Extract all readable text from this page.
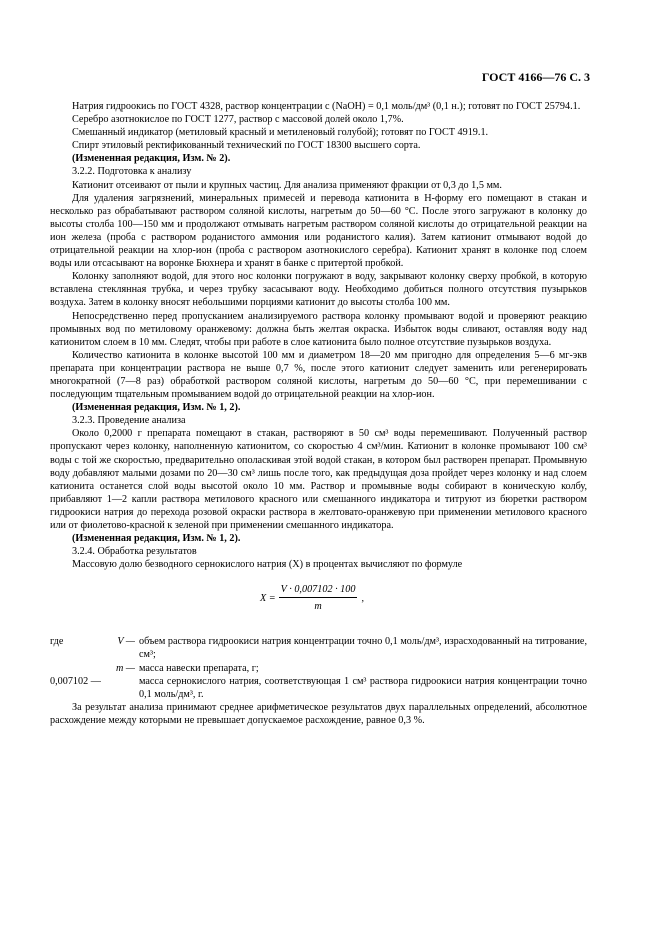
ГОСТ 4166—76 С. 3

Натрия гидроокись по ГОСТ 4328, раствор концентрации c (NaOH) = 0,1 моль/дм³ (0,1 н.); готовят по ГОСТ 25794.1.

Серебро азотнокислое по ГОСТ 1277, раствор с массовой долей около 1,7%.

Смешанный индикатор (метиловый красный и метиленовый голубой); готовят по ГОСТ 4919.1.

Спирт этиловый ректификованный технический по ГОСТ 18300 высшего сорта.

(Измененная редакция, Изм. № 2).

3.2.2. Подготовка к анализу

Катионит отсеивают от пыли и крупных частиц. Для анализа применяют фракции от 0,3 до 1,5 мм.

Для удаления загрязнений, минеральных примесей и перевода катионита в Н-форму его помещают в стакан и несколько раз обрабатывают раствором соляной кислоты, нагретым до 50—60 °С. После этого загружают в колонку до высоты столба 100—150 мм и продолжают отмывать нагретым раствором соляной кислоты до отрицательной реакции на ион железа (проба с раствором роданистого аммония или роданистого калия). Затем катионит отмывают водой до отрицательной реакции на хлор-ион (проба с раствором азотнокислого серебра). Катионит хранят в колонке под слоем воды или отсасывают на воронке Бюхнера и хранят в банке с притертой пробкой.

Колонку заполняют водой, для этого нос колонки погружают в воду, закрывают колонку сверху пробкой, в которую вставлена стеклянная трубка, и через трубку засасывают воду. Необходимо добиться полного отсутствия пузырьков воздуха. Затем в колонку вносят небольшими порциями катионит до высоты столба 100 мм.

Непосредственно перед пропусканием анализируемого раствора колонку промывают водой и проверяют реакцию промывных вод по метиловому оранжевому: должна быть желтая окраска. Избыток воды сливают, оставляя воду над катионитом слоем в 10 мм. Следят, чтобы при работе в слое катионита было полное отсутствие пузырьков воздуха.

Количество катионита в колонке высотой 100 мм и диаметром 18—20 мм пригодно для определения 5—6 мг-экв препарата при концентрации раствора не выше 0,7 %, после этого катионит следует заменить или регенерировать многократной (7—8 раз) обработкой раствором соляной кислоты, нагретым до 50—60 °С, при перемешивании с последующим тщательным промыванием водой до отрицательной реакции на хлор-ион.

(Измененная редакция, Изм. № 1, 2).

3.2.3. Проведение анализа

Около 0,2000 г препарата помещают в стакан, растворяют в 50 см³ воды перемешивают. Полученный раствор пропускают через колонку, наполненную катионитом, со скоростью 4 см³/мин. Катионит в колонке промывают 100 см³ воды с той же скоростью, предварительно ополаскивая этой водой стакан, в котором был растворен препарат. Промывную воду добавляют малыми дозами по 20—30 см³ лишь после того, как предыдущая доза пройдет через колонку и над слоем катионита останется слой воды высотой около 10 мм. Раствор и промывные воды собирают в коническую колбу, прибавляют 1—2 капли раствора метилового красного или смешанного индикатора и титруют из бюретки раствором гидроокиси натрия до перехода розовой окраски раствора в желтовато-оранжевую при применении метилового красного или от фиолетово-красной к зеленой при применении смешанного индикатора.

(Измененная редакция, Изм. № 1, 2).

3.2.4. Обработка результатов

Массовую долю безводного сернокислого натрия (X) в процентах вычисляют по формуле

$X = \frac{V \cdot 0,007102 \cdot 100}{m}$ ,
где	V — объем раствора гидроокиси натрия концентрации точно 0,1 моль/дм³, израсходованный на титрование, см³;
m — масса навески препарата, г;
0,007102 —	масса сернокислого натрия, соответствующая 1 см³ раствора гидроокиси натрия концентрации точно 0,1 моль/дм³, г.

За результат анализа принимают среднее арифметическое результатов двух параллельных определений, абсолютное расхождение между которыми не превышает допускаемое расхождение, равное 0,3 %.
